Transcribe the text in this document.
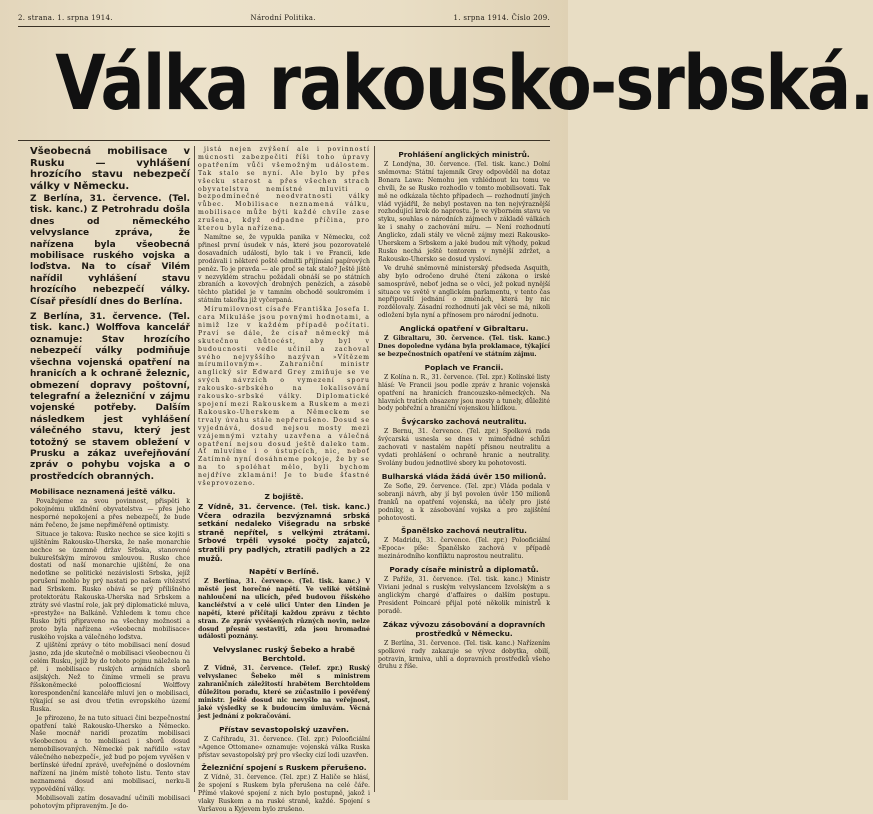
2. strana. 1. srpna 1914.	Národní Politika.	1. srpna 1914. Číslo 209.
Válka rakousko-srbská.
Všeobecná mobilisace v Rusku — vyhlášení hrozícího stavu nebezpečí války v Německu.
Z Berlína, 31. července. (Tel. tisk. kanc.) Z Petrohradu došla dnes od německého velvyslance zpráva, že nařízena byla všeobecná mobilisace ruského vojska a loďstva. Na to císař Vilém nařídil vyhlášení stavu hrozícího nebezpečí války. Císař přesídlí dnes do Berlína.
Z Berlína, 31. července. (Tel. tisk. kanc.) Wolffova kancelář oznamuje: Stav hrozícího nebezpečí války podmiňuje všechna vojenská opatření na hranicích a k ochraně železnic, obmezení dopravy poštovní, telegrafní a železniční v zájmu vojenské potřeby. Dalším následkem jest vyhlášení válečného stavu, který jest totožný se stavem obležení v Prusku a zákaz uveřejňování zpráv o pohybu vojska a o prostředcích obranných.
Mobilisace neznamená ještě válku.

Považujeme za svou povinnost, přispěti k pokojnému ukľidnění obyvatelstva — přes jeho nesporné nepokojení a přes nebezpečí, že bude nám řečeno, že jsme nepřiměřeně optimisty.

Situace je takova: Rusko nechce se sice kojiti s ujištěním Rakousko-Uherska, že naše monarchie nechce se územně držav Srbska, stanovené bukurešťským mírovou smlouvou. Rusko chce dostati od naší monarchie ujištění, že ona nedotkne se politické nezávislosti Srbska, jejíž porušení mohlo by prý nastati po našem vítězství nad Srbskem. Rusko obává se prý přílišného protektorátu Rakouska-Uherska nad Srbskem a ztráty své vlastní role, jak prý diplomatické mluva, »prestyže« na Balkáně. Vzhledem k tomu chce Rusko býti připraveno na všechny možnosti a proto byla nařízena »všeobecná mobilisace« ruského vojska a válečného loďstva.

Z ujištění zprávy o této mobilisaci není dosud jasno, zda jde skutečně o mobilisaci všeobecnou či celém Rusku, jejíž by do tohoto pojmu náležela na př. i mobilisace ruských armádních sborů asijských. Než to činime vrmeli se pravu říšskoněmecké poloofficiosní Wolffovy korespondenční kanceláře mluví jen o mobilisaci, týkající se asi dvou třetin evropského území Ruska.

Je přirozeno, že na tuto situaci čini bezpečnostní opatření také Rakousko-Uhersko a Německo. Naše mocnář naridí prozatím mobilisaci všeobecnou a to mobilisaci i sborů dosud nemobilisovaných. Německé pak nařídilo »stav válečného nebezpečí«, jež bud po pojem vyvěšen v berlínské úřední zprávě, uveřejněné o doslovném nařízení na jiném místě tohoto listu. Tento stav neznamená dosud ani mobilisací, nerku-li vypovědění války.

Mobilisovali zatím dosavadní učinili mobilisaci pohotovým připraveným. Je do-

jistá nejen zvýšení ale i povinností múcnosti zabezpečiti říši toho úpravy opatřením vůči všemožným událostem. Tak stalo se nyní. Ale bylo by přes všecku starost a přes všechen strach obyvatelstva nemístné mluviti o bezpodmínečné neodvratnosti války vůbec. Mobilisace neznamená válku, mobilisace může býti každé chvíle zase zrušena, když odpadne příčina, pro kterou byla nařízena.

Namítne se, že vypukla panika v Německu, což přinesl první úsudek v nás, které jsou pozorovatelé dosavadních událostí, bylo tak i ve Francii, kde prodávali i některé poště odmítli přijímání papírových peněz. To je pravda — ale proč se tak stalo? Ještě jiště v nezvyklém strachu požádali obnáší se po státních zbraních a kovových drobných penězích, a zásobě těchto platidel je v tamním obchodě soukromém i státním takořka již vyčerpaná.

Mírumilovnost císaře Františka Josefa I. cara Mikuláše jsou povnými hodnotami, a nimiž lze v každém případě počítati. Praví se dále, že císař německý má skutečnou chůtocést, aby byl v budoucnosti vedle učinil a zachoval svého nejvyššího nazývan »Vítězem mírumilovným«. Zahraniční ministr anglický sir Edward Grey zmiňuje se ve svých návrzích o vymezení sporu rakousko-srbského na lokalisování rakousko-srbské války. Diplomatické spojení mezi Rakouskem a Ruskem a mezi Rakousko-Uherskem a Německem se trvaly úvahu stále nepřerušeno. Dosud se vyjednává, dosud nejsou mosty mezi vzájemnými vztahy uzavřena a válečná opatření nejsou dosud ještě daleko tam. Ať mluvíme i o ústupcích, nic, neboť Zatímně nyní dosáhneme pokoje, že by se na to spoléhat mělo, byli bychom nejdříve zklamáni! Je to bude šťastné všeprovozeno.

Z bojiště.
Z Vídně, 31. července. (Tel. tisk. kanc.) Včera odrazila bezvýznamná srbská setkání nedaleko Višegradu na srbské straně nepřítel, s velkými ztrátami. Srbové trpěli vysoké počty zajatců, stratili pry padlých, ztratili padlých a 22 mužů.
Napětí v Berlíně.

Z Berlína, 31. července. (Tel. tisk. kanc.) V městě jest horečné napětí. Ve veliké většině nahloučení na ulicích, před budovou říšského kancléřství a v celé ulici Unter den Linden je napětí, které přičítají každou zprávu z těchto stran. Ze zpráv vyvěšených různých novin, nelze dosud přesně sestaviti, zda jsou hromadné události poznány.

Velvyslanec ruský Šebeko a hrabě Berchtold.

Z Vídně, 31. července. (Telef. zpr.) Ruský velvyslanec Šebeko měl s ministrem zahraničních záležitostí hrabětem Berchtoldem důležitou poradu, které se zúčastnilo i pověřený ministr. Ještě dosud nic nevyšlo na veřejnost, jaké výsledky se k budoucím úmluvám. Věcná jest jednání z pokračování.

Přístav sevastopolský uzavřen.

Z Cařihradu, 31. července. (Tel. zpr.) Polooficiální »Agence Ottomane« oznamuje: vojenská válka Ruska přístav sevastopolský prý pro všecky cizí lodi uzavřen.

Železniční spojení s Ruskem přerušeno.

Z Vídně, 31. července. (Tel. zpr.) Z Haliče se hlásí, že spojení s Ruskem byla přerušena na celé čáře. Přímé vlakové spojení z nich bylo postupně, jakož i vlaky Ruskem a na ruské straně, každé. Spojení s Varšavou a Kyjevem bylo zrušeno.

Prohlášení anglických ministrů.

Z Londýna, 30. července. (Tel. tisk. kanc.) Dolní sněmovna: Státní tajemník Grey odpověděl na dotaz Bonara Lawa: Nemohu jen vzhlédnout ku tomu ve chvíli, že se Rusko rozhodlo v tomto mobilisovati. Tak mě ne odkázala těchto případech — rozhodnutí jiných vlád vyjádřil, že nebyl postaven na ten nejvýraznější rozhodující krok do naprostu. Je ve výborném stavu ve styku, souhlas o národních zájmech v základě válkách ke i snahy o zachování míru. — Není rozhodnutí Anglicko, zdali stály ve věcně zájmy mezi Rakousko-Uherskem a Srbskem a jaké budou mít výhody, pokud Rusko nechá ještě tentorem v nynější zdržet, a Rakousko-Uhersko se dosud vysloví.

Ve druhé sněmovně ministerský předseda Asquith, aby bylo odročeno druhé čtení zákona o irské samosprávě, neboť jedna se o věci, jež pokud nynější situace ve světě v anglickém parlamentu, v tento čas nepřipouští jednání o změnách, která by nic rozdělovaly. Zásadní rozhodnutí jak věci se má, nikoli odložení byla nyní a přínosem pro národní jednotu.

Anglická opatření v Gibraltaru.

Z Gibraltaru, 30. července. (Tel. tisk. kanc.) Dnes dopoledne vydána byla proklamace, týkající se bezpečnostních opatření ve státním zájmu.

Poplach ve Francii.

Z Kolína n. R., 31. července. (Tel. zpr.) Kolínské listy hlásí: Ve Francii jsou podle zpráv z hranic vojenská opatření na hranicích francouzsko-německých. Na hlavních tratích obsazeny jsou mosty a tunely, důležité body pobřežní a hraniční vojenskou hlídkou.

Švýcarsko zachová neutralitu.

Z Bernu, 31. července. (Tel. zpr.) Spolková rada švýcarská usnesla se dnes v mimořádné schůzi zachovati v nastalém napětí přísnou neutralitu a vydati prohlášení o ochraně hranic a neutrality. Svolány budou jednotlivé sbory ku pohotovosti.

Bulharská vláda žádá úvěr 150 milionů.

Ze Sofie, 29. července. (Tel. zpr.) Vláda podala v sobranji návrh, aby jí byl povolen úvěr 150 milionů franků na opatření vojenská, na účely pro jisté podniky, a k zásobování vojska a pro zajištění pohotovosti.

Španělsko zachová neutralitu.

Z Madridu, 31. července. (Tel. zpr.) Polooficiální »Epoca« píše: Španělsko zachová v případě mezinárodního konfliktu naprostou neutralitu.

Porady císaře ministrů a diplomatů.

Z Paříže, 31. července. (Tel. tisk. kanc.) Ministr Viviani jednal s ruským velvyslancem Izvolským a s anglickým chargé d'affaires o dalším postupu. President Poincaré přijal poté několik ministrů k poradě.

Zákaz vývozu zásobování a dopravních prostředků v Německu.

Z Berlína, 31. července. (Tel. tisk. kanc.) Nařízením spolkové rady zakazuje se vývoz dobytka, obilí, potravin, krmiva, uhlí a dopravních prostředků všeho druhu z říše.
